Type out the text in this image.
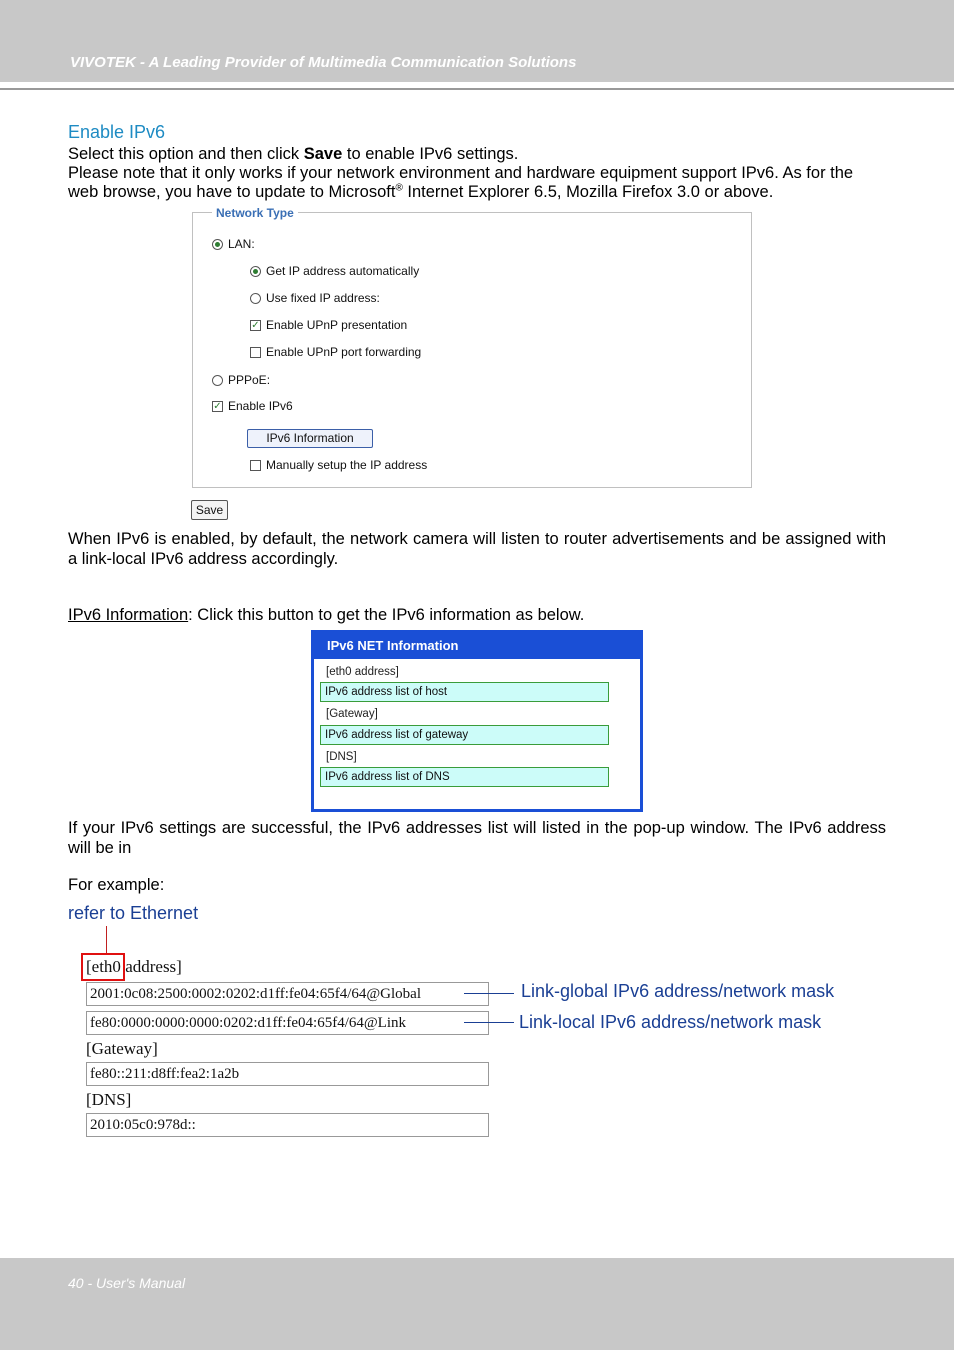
VIVOTEK - A Leading Provider of Multimedia Communication Solutions
Enable IPv6
Select this option and then click Save to enable IPv6 settings.
Please note that it only works if your network environment and hardware equipment support IPv6. As for the web browse, you have to update to Microsoft® Internet Explorer 6.5, Mozilla Firefox 3.0 or above.
Network Type
LAN:
Get IP address automatically
Use fixed IP address:
✓ Enable UPnP presentation
Enable UPnP port forwarding
PPPoE:
✓ Enable IPv6
IPv6 Information
Manually setup the IP address
Save
When IPv6 is enabled, by default, the network camera will listen to router advertisements and be assigned with a link-local IPv6 address accordingly.
IPv6 Information: Click this button to get the IPv6 information as below.
IPv6 NET Information
[eth0 address]
IPv6 address list of host
[Gateway]
IPv6 address list of gateway
[DNS]
IPv6 address list of DNS
If your IPv6 settings are successful, the IPv6 addresses list will listed in the pop-up window. The IPv6 address will be in
For example:
refer to Ethernet
[eth0 address]
2001:0c08:2500:0002:0202:d1ff:fe04:65f4/64@Global
fe80:0000:0000:0000:0202:d1ff:fe04:65f4/64@Link
[Gateway]
fe80::211:d8ff:fea2:1a2b
[DNS]
2010:05c0:978d::
Link-global IPv6 address/network mask
Link-local IPv6 address/network mask
40 - User's Manual
